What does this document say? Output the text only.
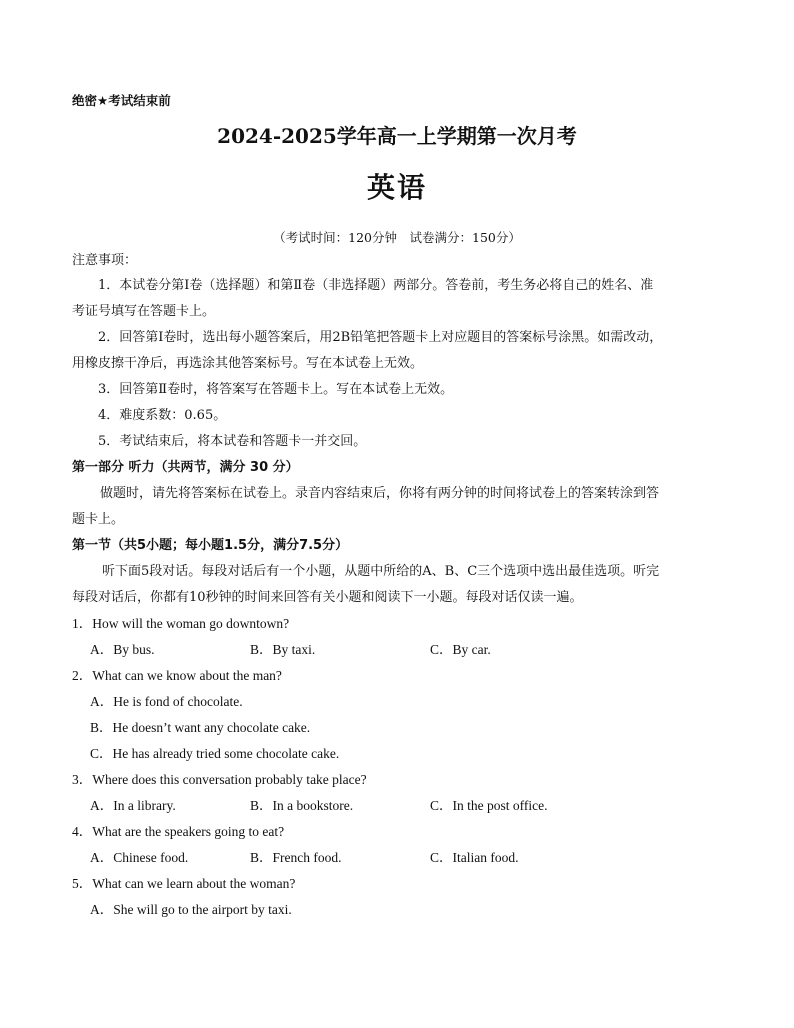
绝密★考试结束前
2024-2025学年高一上学期第一次月考
英语
（考试时间：120分钟　试卷满分：150分）
注意事项：
1．本试卷分第Ⅰ卷（选择题）和第Ⅱ卷（非选择题）两部分。答卷前，考生务必将自己的姓名、准
考证号填写在答题卡上。
2．回答第Ⅰ卷时，选出每小题答案后，用2B铅笔把答题卡上对应题目的答案标号涂黑。如需改动，
用橡皮擦干净后，再选涂其他答案标号。写在本试卷上无效。
3．回答第Ⅱ卷时，将答案写在答题卡上。写在本试卷上无效。
4．难度系数：0.65。
5．考试结束后，将本试卷和答题卡一并交回。
第一部分 听力（共两节，满分 30 分）
做题时，请先将答案标在试卷上。录音内容结束后，你将有两分钟的时间将试卷上的答案转涂到答
题卡上。
第一节（共5小题；每小题1.5分，满分7.5分）
听下面5段对话。每段对话后有一个小题，从题中所给的A、B、C三个选项中选出最佳选项。听完
每段对话后，你都有10秒钟的时间来回答有关小题和阅读下一小题。每段对话仅读一遍。
1．How will the woman go downtown?
A．By bus.	B．By taxi.	C．By car.
2．What can we know about the man?
A．He is fond of chocolate.
B．He doesn’t want any chocolate cake.
C．He has already tried some chocolate cake.
3．Where does this conversation probably take place?
A．In a library.	B．In a bookstore.	C．In the post office.
4．What are the speakers going to eat?
A．Chinese food.	B．French food.	C．Italian food.
5．What can we learn about the woman?
A．She will go to the airport by taxi.
